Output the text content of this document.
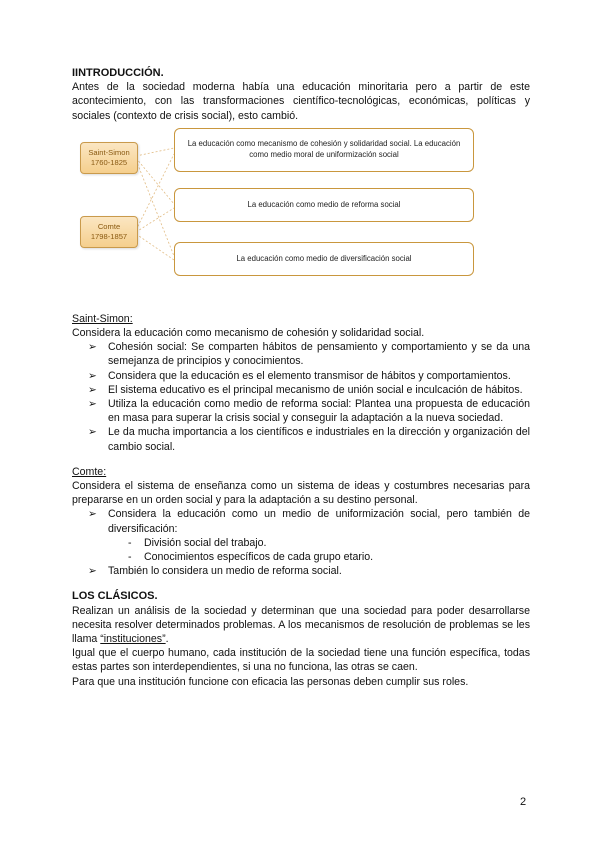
IINTRODUCCIÓN.

Antes de la sociedad moderna había una educación minoritaria pero a partir de este acontecimiento, con las transformaciones científico-tecnológicas, económicas, políticas y sociales (contexto de crisis social), esto cambió.

Saint-Simon
1760-1825
Comte
1798-1857
La educación como mecanismo de cohesión y solidaridad social. La educación como medio moral de uniformización social
La educación como medio de reforma social
La educación como medio de diversificación social

Saint-Simon:

Considera la educación como mecanismo de cohesión y solidaridad social.

➢ Cohesión social: Se comparten hábitos de pensamiento y comportamiento y se da una semejanza de principios y conocimientos.
➢ Considera que la educación es el elemento transmisor de hábitos y comportamientos.
➢ El sistema educativo es el principal mecanismo de unión social e inculcación de hábitos.
➢ Utiliza la educación como medio de reforma social: Plantea una propuesta de educación en masa para superar la crisis social y conseguir la adaptación a la nueva sociedad.
➢ Le da mucha importancia a los científicos e industriales en la dirección y organización del cambio social.

Comte:

Considera el sistema de enseñanza como un sistema de ideas y costumbres necesarias para prepararse en un orden social y para la adaptación a su destino personal.

➢ Considera la educación como un medio de uniformización social, pero también de diversificación:
- División social del trabajo.
- Conocimientos específicos de cada grupo etario.
➢ También lo considera un medio de reforma social.

LOS CLÁSICOS.

Realizan un análisis de la sociedad y determinan que una sociedad para poder desarrollarse necesita resolver determinados problemas. A los mecanismos de resolución de problemas se les llama “instituciones”.

Igual que el cuerpo humano, cada institución de la sociedad tiene una función específica, todas estas partes son interdependientes, si una no funciona, las otras se caen.

Para que una institución funcione con eficacia las personas deben cumplir sus roles.

2
